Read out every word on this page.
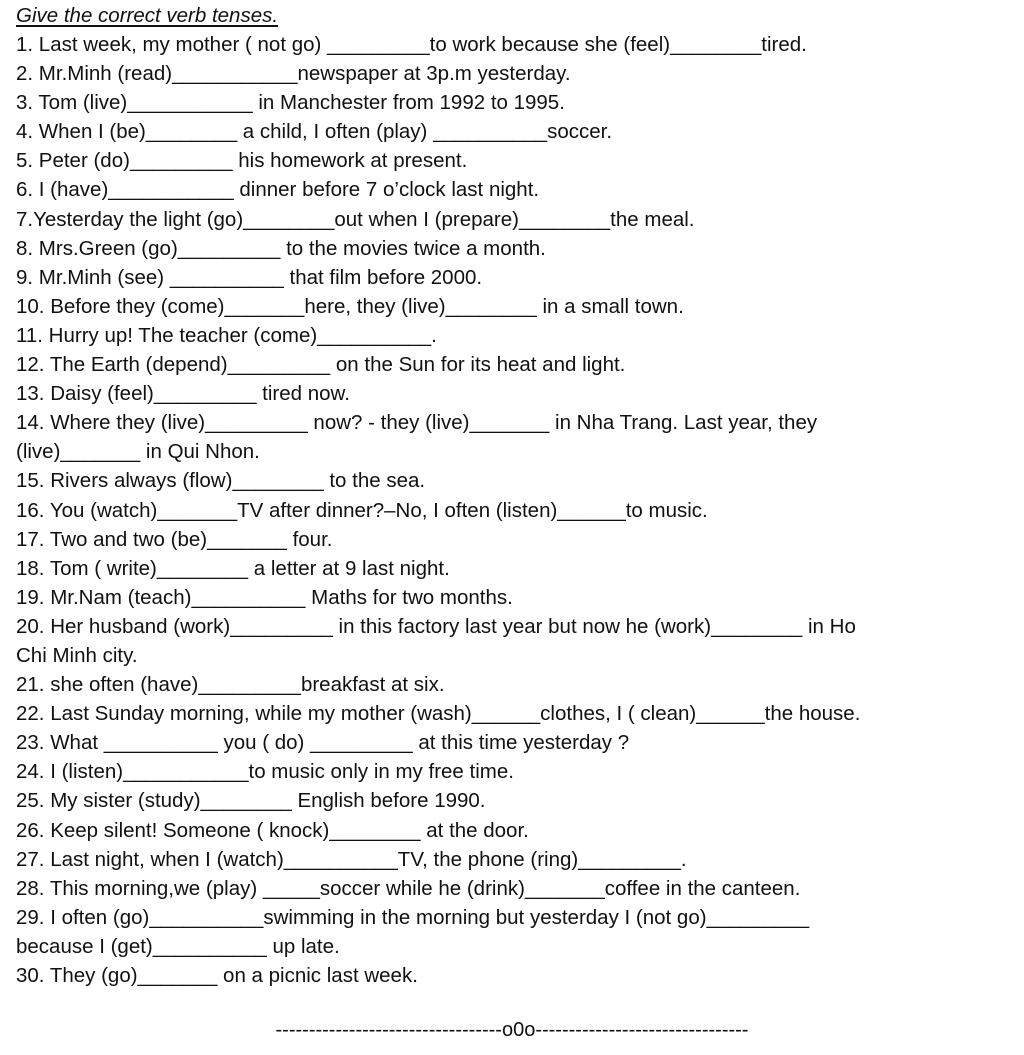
Give the correct verb tenses.

1. Last week, my mother ( not go) _________to work because she (feel)________tired.

2. Mr.Minh (read)___________newspaper at 3p.m yesterday.

3. Tom (live)___________ in Manchester from 1992 to 1995.

4. When I (be)________ a child, I often (play) __________soccer.

5. Peter (do)_________ his homework at present.

6. I (have)___________ dinner before 7 o’clock last night.

7.Yesterday the light (go)________out when I (prepare)________the meal.

8. Mrs.Green (go)_________ to the movies twice a month.

9. Mr.Minh (see) __________ that film before 2000.

10. Before they (come)_______here, they (live)________ in a small town.

11. Hurry up! The teacher (come)__________.

12. The Earth (depend)_________ on the Sun for its heat and light.

13. Daisy (feel)_________ tired now.

14. Where they (live)_________ now? - they (live)_______ in Nha Trang. Last year, they

(live)_______ in Qui Nhon.

15. Rivers always (flow)________ to the sea.

16. You (watch)_______TV after dinner?–No, I often (listen)______to music.

17. Two and two (be)_______ four.

18. Tom ( write)________ a letter at 9 last night.

19. Mr.Nam (teach)__________ Maths for two months.

20. Her husband (work)_________ in this factory last year but now he (work)________ in Ho

Chi Minh city.

21. she often (have)_________breakfast at six.

22. Last Sunday morning, while my mother (wash)______clothes, I ( clean)______the house.

23. What __________ you ( do) _________ at this time yesterday ?

24. I (listen)___________to music only in my free time.

25. My sister (study)________ English before 1990.

26. Keep silent! Someone ( knock)________ at the door.

27. Last night, when I (watch)__________TV, the phone (ring)_________.

28. This morning,we (play) _____soccer while he (drink)_______coffee in the canteen.

29. I often (go)__________swimming in the morning but yesterday I (not go)_________

because I (get)__________ up late.

30. They (go)_______ on a picnic last week.

----------------------------------o0o--------------------------------
